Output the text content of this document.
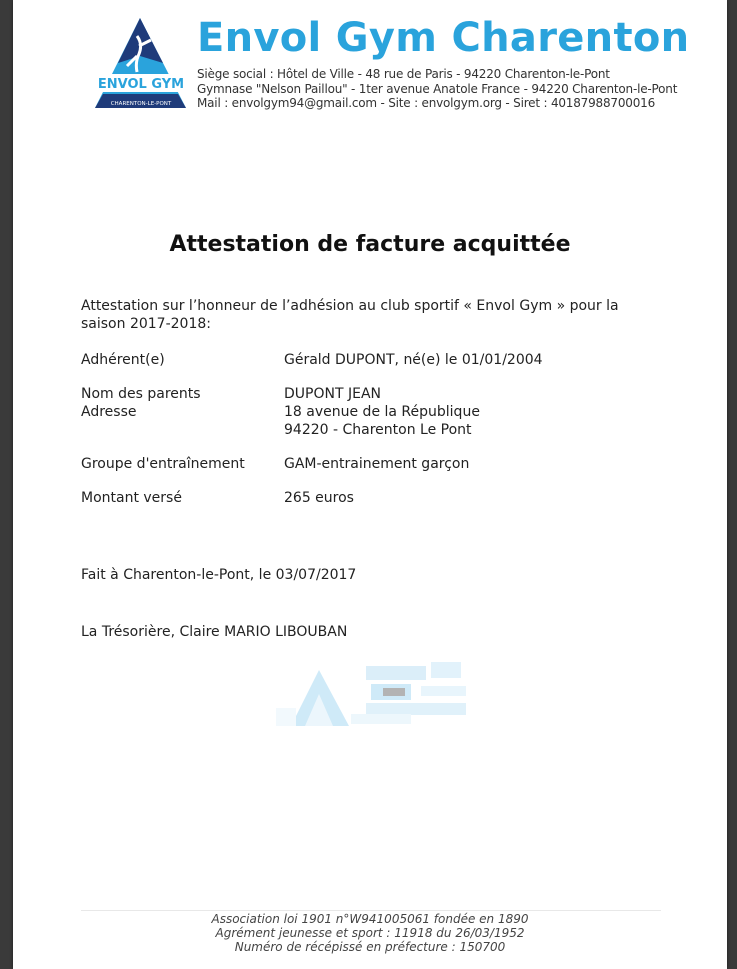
ENVOL GYM
CHARENTON-LE-PONT
Envol Gym Charenton
Siège social : Hôtel de Ville - 48 rue de Paris - 94220 Charenton-le-Pont
Gymnase "Nelson Paillou" - 1ter avenue Anatole France - 94220 Charenton-le-Pont
Mail : envolgym94@gmail.com - Site : envolgym.org - Siret : 40187988700016
Attestation de facture acquittée
Attestation sur l’honneur de l’adhésion au club sportif « Envol Gym » pour la saison 2017-2018:
Adhérent(e)	Gérald DUPONT, né(e) le 01/01/2004
Nom des parents	DUPONT JEAN
Adresse	18 avenue de la République
94220 - Charenton Le Pont
Groupe d'entraînement	GAM-entrainement garçon
Montant versé	265 euros
Fait à Charenton-le-Pont, le 03/07/2017
La Trésorière, Claire MARIO LIBOUBAN
Association loi 1901 n°W941005061 fondée en 1890
Agrément jeunesse et sport : 11918 du 26/03/1952
Numéro de récépissé en préfecture : 150700
